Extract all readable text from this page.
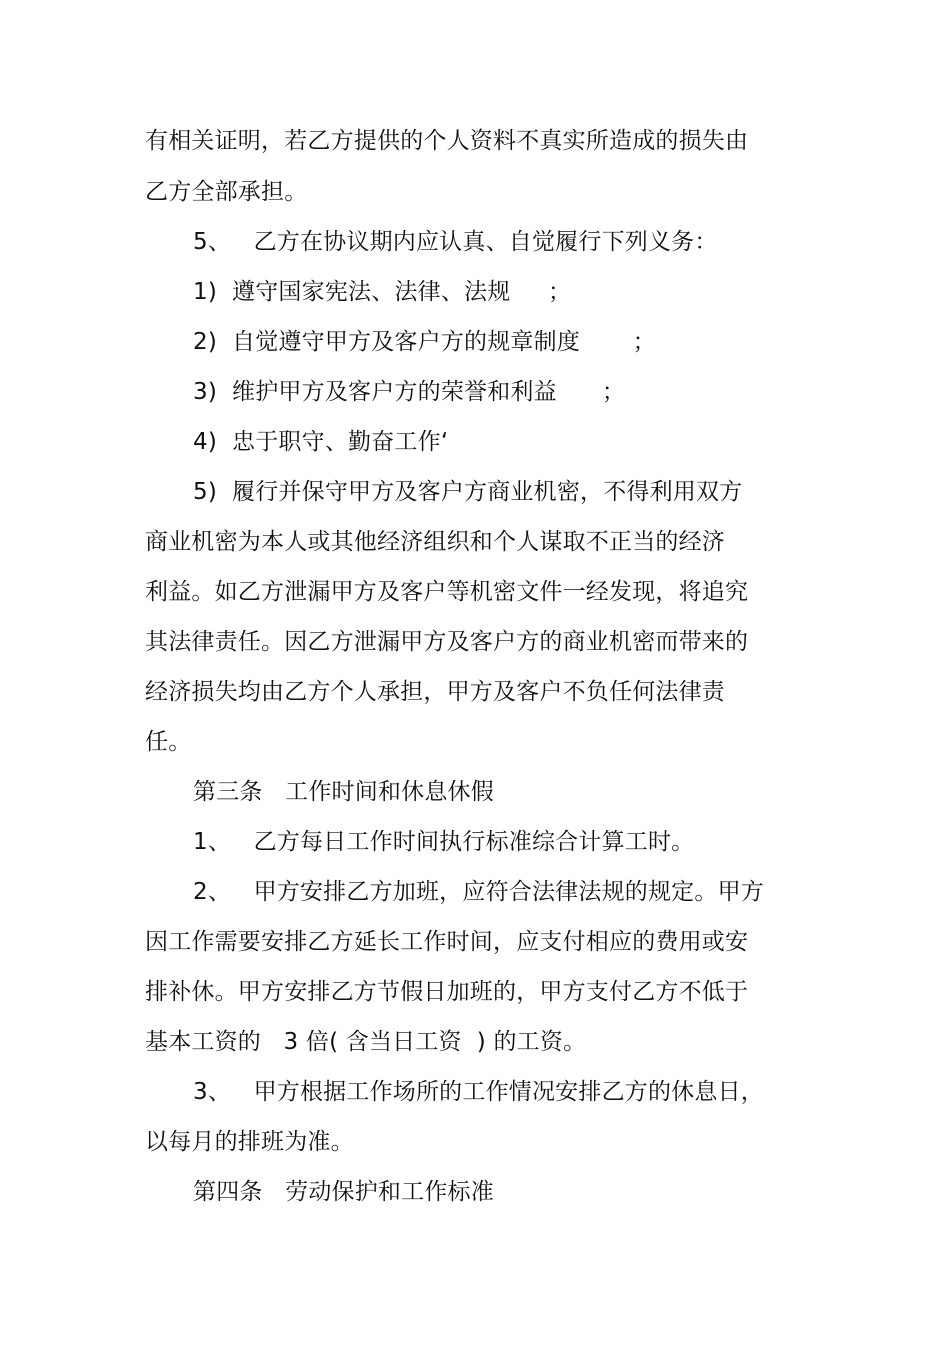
有相关证明，若乙方提供的个人资料不真实所造成的损失由
乙方全部承担。
5、   乙方在协议期内应认真、自觉履行下列义务：
1)  遵守国家宪法、法律、法规     ；
2)  自觉遵守甲方及客户方的规章制度       ；
3)  维护甲方及客户方的荣誉和利益      ；
4)  忠于职守、勤奋工作‘
5)  履行并保守甲方及客户方商业机密，不得利用双方
商业机密为本人或其他经济组织和个人谋取不正当的经济
利益。如乙方泄漏甲方及客户等机密文件一经发现，将追究
其法律责任。因乙方泄漏甲方及客户方的商业机密而带来的
经济损失均由乙方个人承担，甲方及客户不负任何法律责
任。
第三条   工作时间和休息休假
1、   乙方每日工作时间执行标准综合计算工时。
2、   甲方安排乙方加班，应符合法律法规的规定。甲方
因工作需要安排乙方延长工作时间，应支付相应的费用或安
排补休。甲方安排乙方节假日加班的，甲方支付乙方不低于
基本工资的   3 倍( 含当日工资  ) 的工资。
3、   甲方根据工作场所的工作情况安排乙方的休息日，
以每月的排班为准。
第四条   劳动保护和工作标准
